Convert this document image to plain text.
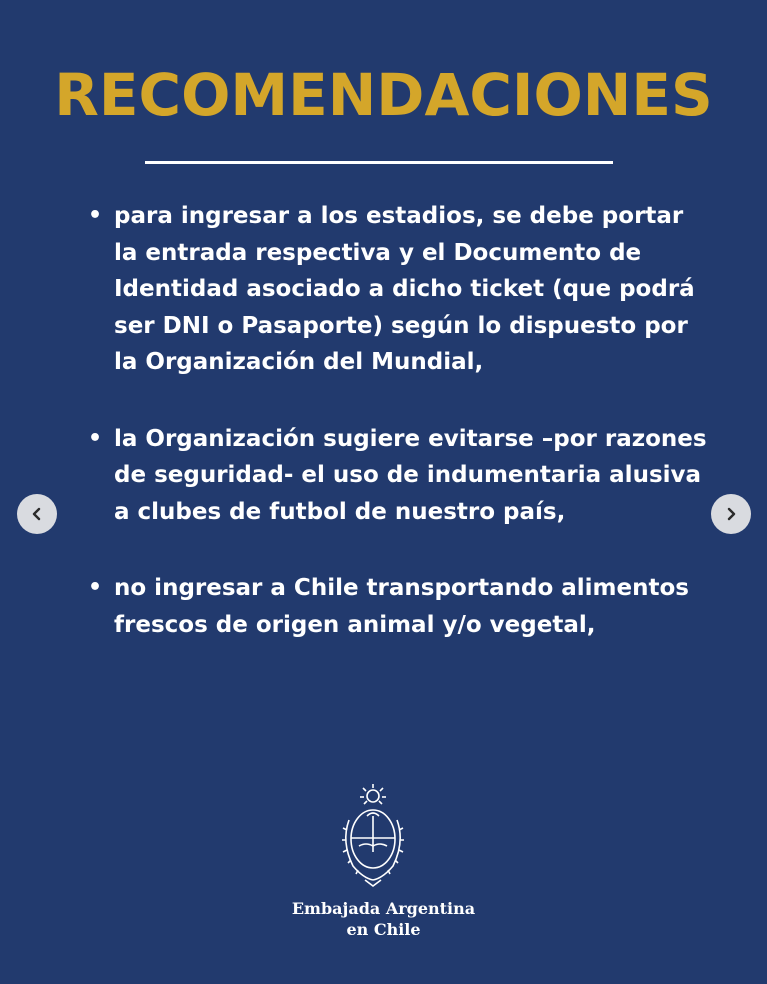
RECOMENDACIONES
• para ingresar a los estadios, se debe portar la entrada respectiva y el Documento de Identidad asociado a dicho ticket (que podrá ser DNI o Pasaporte) según lo dispuesto por la Organización del Mundial,
• la Organización sugiere evitarse –por razones de seguridad- el uso de indumentaria alusiva a clubes de futbol de nuestro país,
• no ingresar a Chile transportando alimentos frescos de origen animal y/o vegetal,
Embajada Argentina
en Chile
